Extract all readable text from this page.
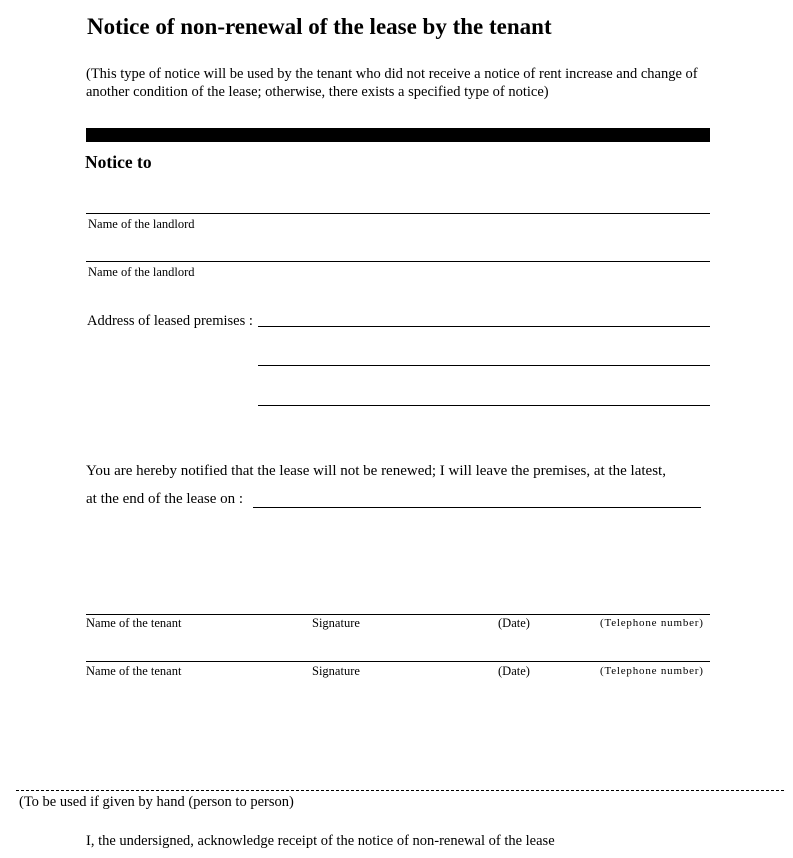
Notice of non-renewal of the lease by the tenant
(This type of notice will be used by the tenant who did not receive a notice of rent increase and change of another condition of the lease; otherwise, there exists a specified type of notice)
Notice to
Name of the landlord
Name of the landlord
Address of leased premises :
You are hereby notified that the lease will not be renewed; I will leave the premises, at the latest,
at the end of the lease on :
Name of the tenant	Signature	(Date)	(Telephone number)
Name of the tenant	Signature	(Date)	(Telephone number)
(To be used if given by hand (person to person)
I, the undersigned, acknowledge receipt of the notice of non-renewal of the lease
